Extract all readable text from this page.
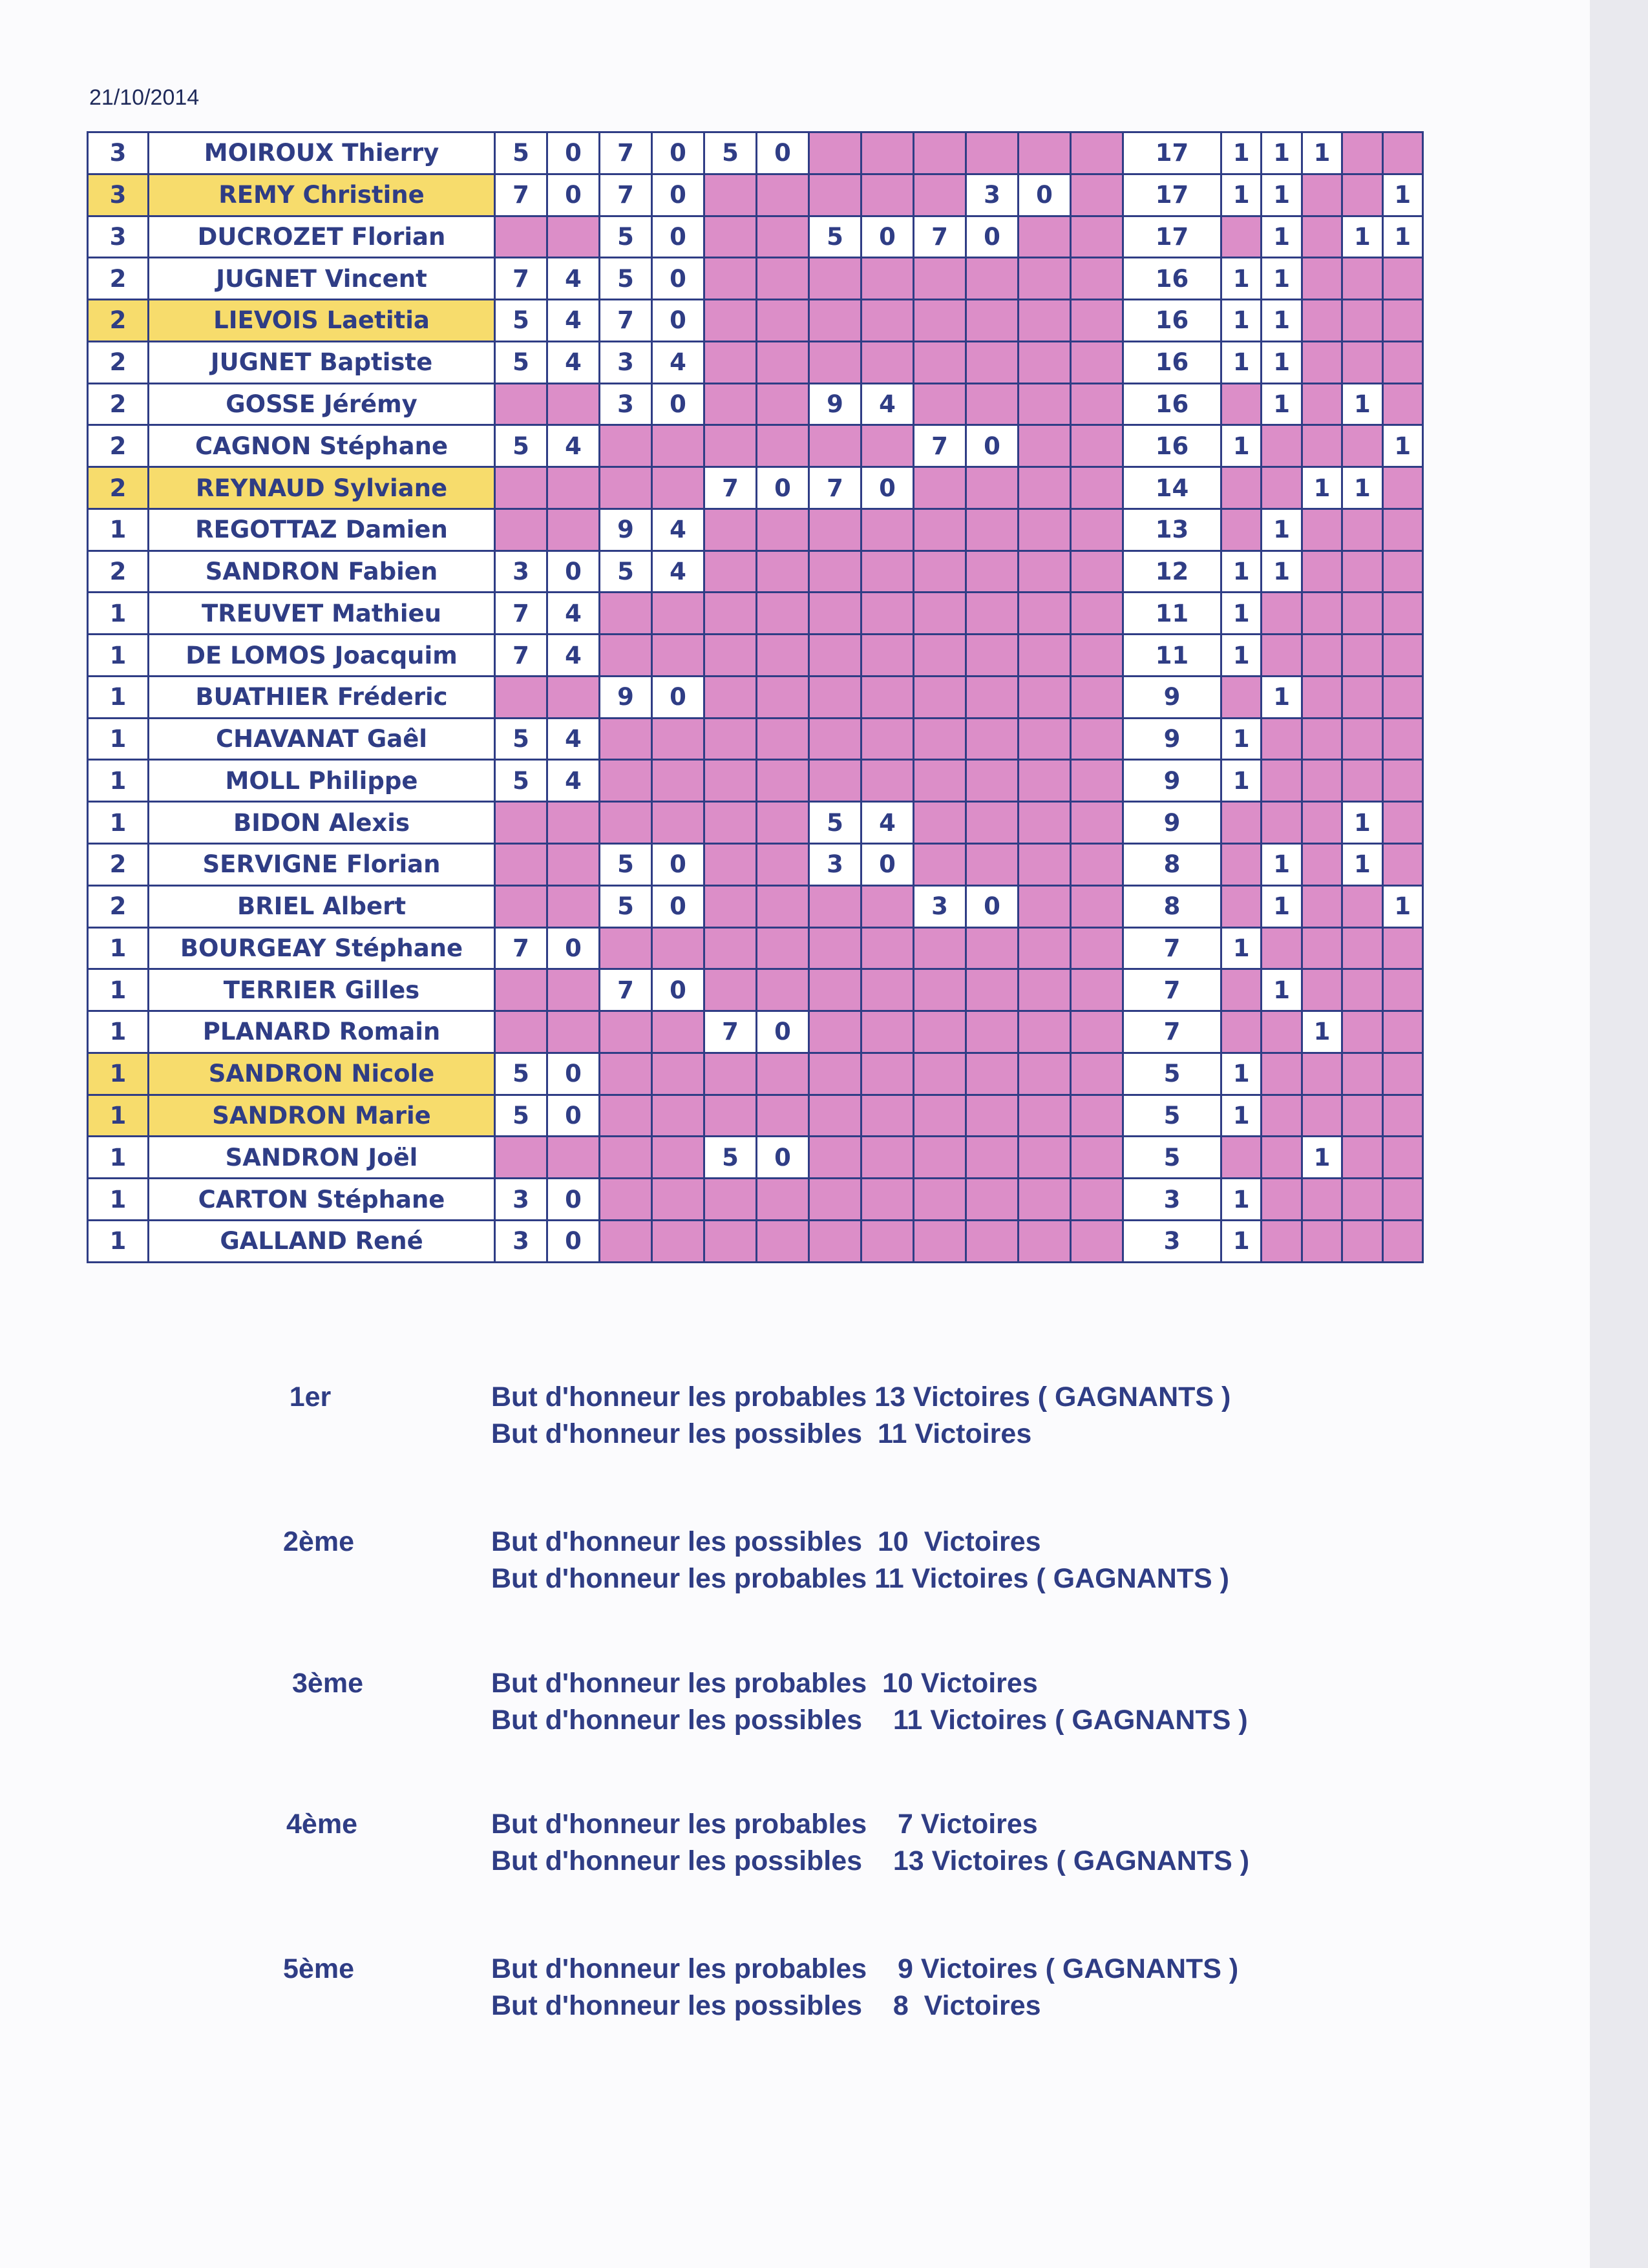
21/10/2014
3	MOIROUX Thierry	5	0	7	0	5	0							17	1	1	1		
3	REMY Christine	7	0	7	0						3	0		17	1	1			1
3	DUCROZET Florian			5	0			5	0	7	0			17		1		1	1
2	JUGNET Vincent	7	4	5	0									16	1	1			
2	LIEVOIS Laetitia	5	4	7	0									16	1	1			
2	JUGNET Baptiste	5	4	3	4									16	1	1			
2	GOSSE Jérémy			3	0			9	4					16		1		1	
2	CAGNON Stéphane	5	4							7	0			16	1				1
2	REYNAUD Sylviane					7	0	7	0					14			1	1	
1	REGOTTAZ Damien			9	4									13		1			
2	SANDRON Fabien	3	0	5	4									12	1	1			
1	TREUVET Mathieu	7	4											11	1				
1	DE LOMOS Joacquim	7	4											11	1				
1	BUATHIER Fréderic			9	0									9		1			
1	CHAVANAT Gaêl	5	4											9	1				
1	MOLL Philippe	5	4											9	1				
1	BIDON Alexis							5	4					9				1	
2	SERVIGNE Florian			5	0			3	0					8		1		1	
2	BRIEL Albert			5	0					3	0			8		1			1
1	BOURGEAY Stéphane	7	0											7	1				
1	TERRIER Gilles			7	0									7		1			
1	PLANARD Romain					7	0							7			1		
1	SANDRON Nicole	5	0											5	1				
1	SANDRON Marie	5	0											5	1				
1	SANDRON Joël					5	0							5			1		
1	CARTON Stéphane	3	0											3	1				
1	GALLAND René	3	0											3	1				
1er	But d'honneur les probables 13 Victoires ( GAGNANTS )
But d'honneur les possibles  11 Victoires
2ème	But d'honneur les possibles  10  Victoires
But d'honneur les probables 11 Victoires ( GAGNANTS )
3ème	But d'honneur les probables  10 Victoires
But d'honneur les possibles    11 Victoires ( GAGNANTS )
4ème	But d'honneur les probables    7 Victoires
But d'honneur les possibles    13 Victoires ( GAGNANTS )
5ème	But d'honneur les probables    9 Victoires ( GAGNANTS )
But d'honneur les possibles    8  Victoires
